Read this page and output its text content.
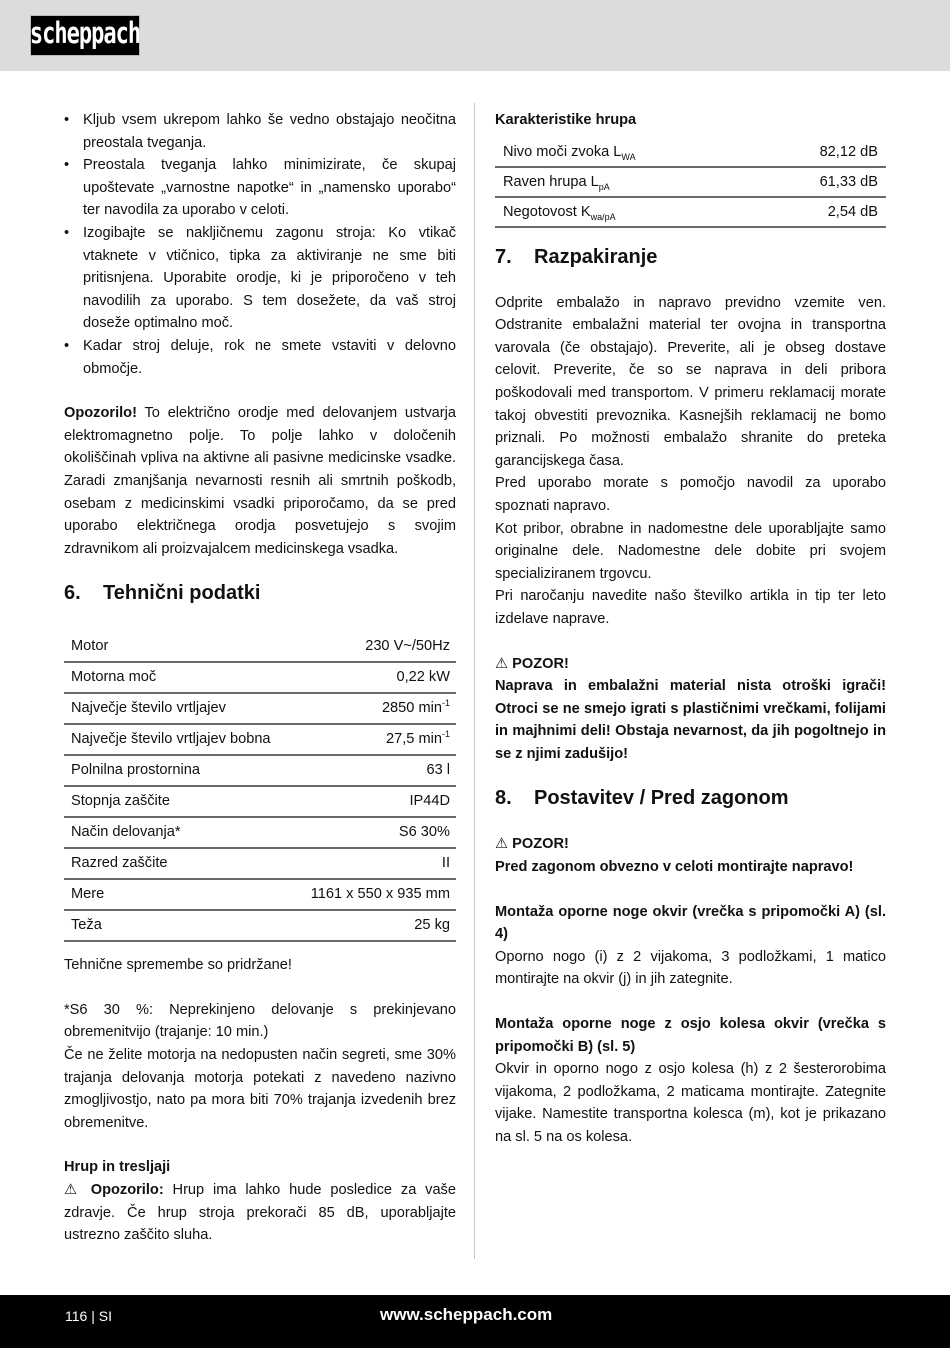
scheppach
• Kljub vsem ukrepom lahko še vedno obstajajo neočitna preostala tveganja.
• Preostala tveganja lahko minimizirate, če skupaj upoštevate „varnostne napotke“ in „namensko uporabo“ ter navodila za uporabo v celoti.
• Izogibajte se nakljičnemu zagonu stroja: Ko vtikač vtaknete v vtičnico, tipka za aktiviranje ne sme biti pritisnjena. Uporabite orodje, ki je priporočeno v teh navodilih za uporabo. S tem dosežete, da vaš stroj doseže optimalno moč.
• Kadar stroj deluje, rok ne smete vstaviti v delovno območje.

Opozorilo! To električno orodje med delovanjem ustvarja elektromagnetno polje. To polje lahko v določenih okoliščinah vpliva na aktivne ali pasivne medicinske vsadke. Zaradi zmanjšanja nevarnosti resnih ali smrtnih poškodb, osebam z medicinskimi vsadki priporočamo, da se pred uporabo električnega orodja posvetujejo s svojim zdravnikom ali proizvajalcem medicinskega vsadka.

6.	Tehnični podatki
Motor	230 V~/50Hz
Motorna moč	0,22 kW
Največje število vrtljajev	2850 $\min^{-1}$
Največje število vrtljajev bobna	27,5 $\min^{-1}$
Polnilna prostornina	63 l
Stopnja zaščite	IP44D
Način delovanja*	S6 30%
Razred zaščite	II
Mere	1161 x 550 x 935 mm
Teža	25 kg

Tehnične spremembe so pridržane!

*S6 30 %: Neprekinjeno delovanje s prekinjevano obremenitvijo (trajanje: 10 min.)

Če ne želite motorja na nedopusten način segreti, sme 30% trajanja delovanja motorja potekati z navedeno nazivno zmogljivostjo, nato pa mora biti 70% trajanja izvedenih brez obremenitve.

Hrup in tresljaji

⚠ Opozorilo: Hrup ima lahko hude posledice za vaše zdravje. Če hrup stroja prekorači 85 dB, uporabljajte ustrezno zaščito sluha.

Karakteristike hrupa

Nivo moči zvoka $L_{WA}$	82,12 dB
Raven hrupa $L_{pA}$	61,33 dB
Negotovost $K_{wa/pA}$	2,54 dB
7.	Razpakiranje

Odprite embalažo in napravo previdno vzemite ven. Odstranite embalažni material ter ovojna in transportna varovala (če obstajajo). Preverite, ali je obseg dostave celovit. Preverite, če so se naprava in deli pribora poškodovali med transportom. V primeru reklamacij morate takoj obvestiti prevoznika. Kasnejših reklamacij ne bomo priznali. Po možnosti embalažo shranite do preteka garancijskega časa.

Pred uporabo morate s pomočjo navodil za uporabo spoznati napravo.

Kot pribor, obrabne in nadomestne dele uporabljajte samo originalne dele. Nadomestne dele dobite pri svojem specializiranem trgovcu.

Pri naročanju navedite našo številko artikla in tip ter leto izdelave naprave.

⚠ POZOR!

Naprava in embalažni material nista otroški igrači! Otroci se ne smejo igrati s plastičnimi vrečkami, folijami in majhnimi deli! Obstaja nevarnost, da jih pogoltnejo in se z njimi zadušijo!

8.	Postavitev / Pred zagonom

⚠ POZOR!

Pred zagonom obvezno v celoti montirajte napravo!

Montaža oporne noge okvir (vrečka s pripomočki A) (sl. 4)

Oporno nogo (i) z 2 vijakoma, 3 podložkami, 1 matico montirajte na okvir (j) in jih zategnite.

Montaža oporne noge z osjo kolesa okvir (vrečka s pripomočki B) (sl. 5)

Okvir in oporno nogo z osjo kolesa (h) z 2 šesterorobima vijakoma, 2 podložkama, 2 maticama montirajte. Zategnite vijake. Namestite transportna kolesca (m), kot je prikazano na sl. 5 na os kolesa.

116 | SI	www.scheppach.com
